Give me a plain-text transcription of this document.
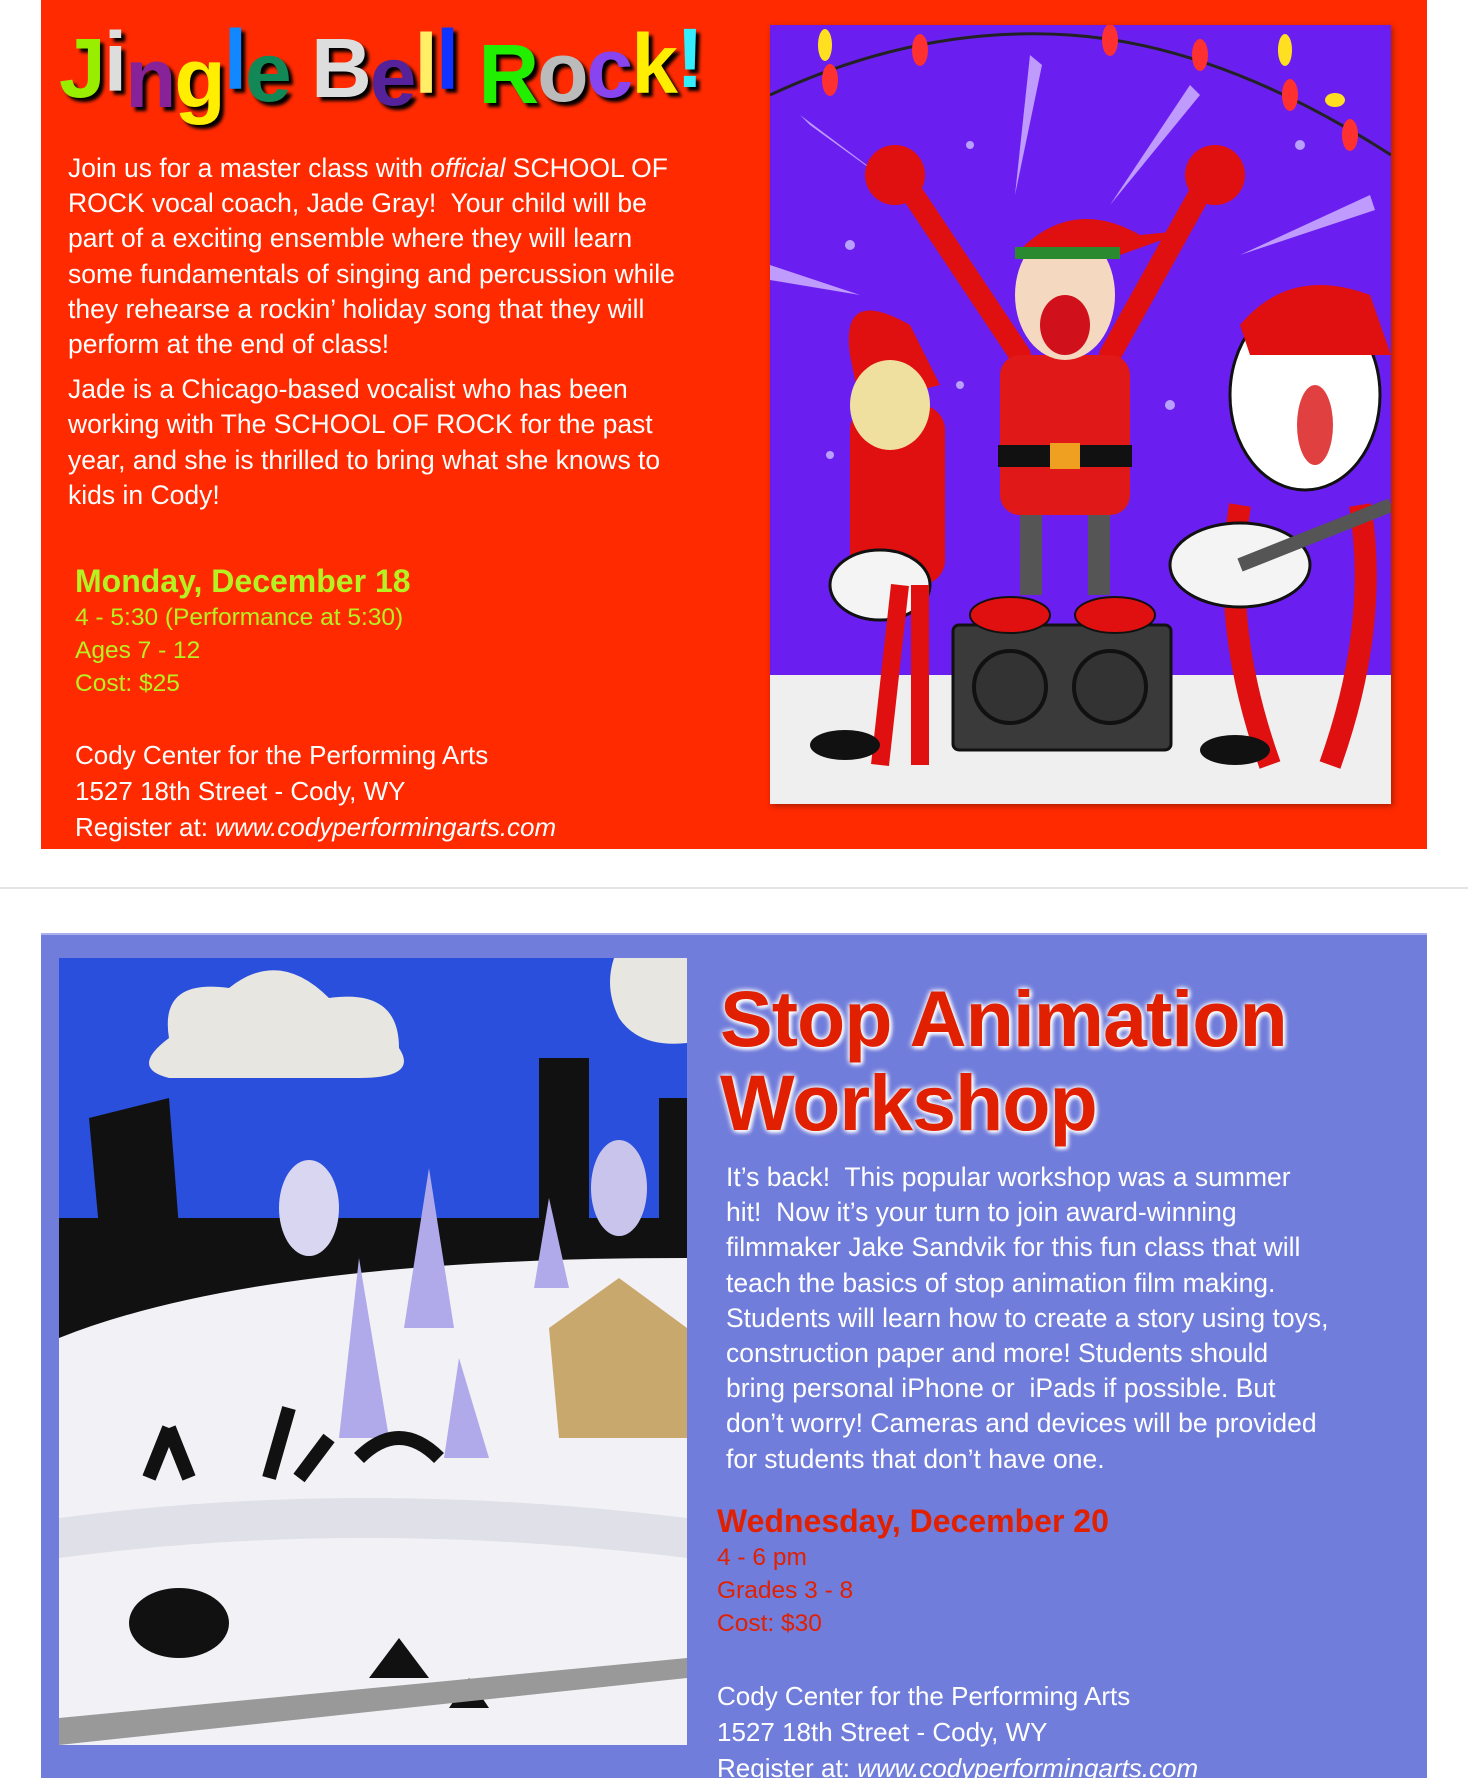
Jingle Bell Rock!
Join us for a master class with official SCHOOL OF
ROCK vocal coach, Jade Gray!  Your child will be
part of a exciting ensemble where they will learn
some fundamentals of singing and percussion while
they rehearse a rockin’ holiday song that they will
perform at the end of class!
Jade is a Chicago-based vocalist who has been
working with The SCHOOL OF ROCK for the past
year, and she is thrilled to bring what she knows to
kids in Cody!
Monday, December 18
4 - 5:30 (Performance at 5:30)
Ages 7 - 12
Cost: $25
Cody Center for the Performing Arts
1527 18th Street - Cody, WY
Register at: www.codyperformingarts.com
Stop Animation
Workshop
It’s back!  This popular workshop was a summer
hit!  Now it’s your turn to join award-winning
filmmaker Jake Sandvik for this fun class that will
teach the basics of stop animation film making.
Students will learn how to create a story using toys,
construction paper and more! Students should
bring personal iPhone or  iPads if possible. But
don’t worry! Cameras and devices will be provided
for students that don’t have one.
Wednesday, December 20
4 - 6 pm
Grades 3 - 8
Cost: $30
Cody Center for the Performing Arts
1527 18th Street - Cody, WY
Register at: www.codyperformingarts.com
